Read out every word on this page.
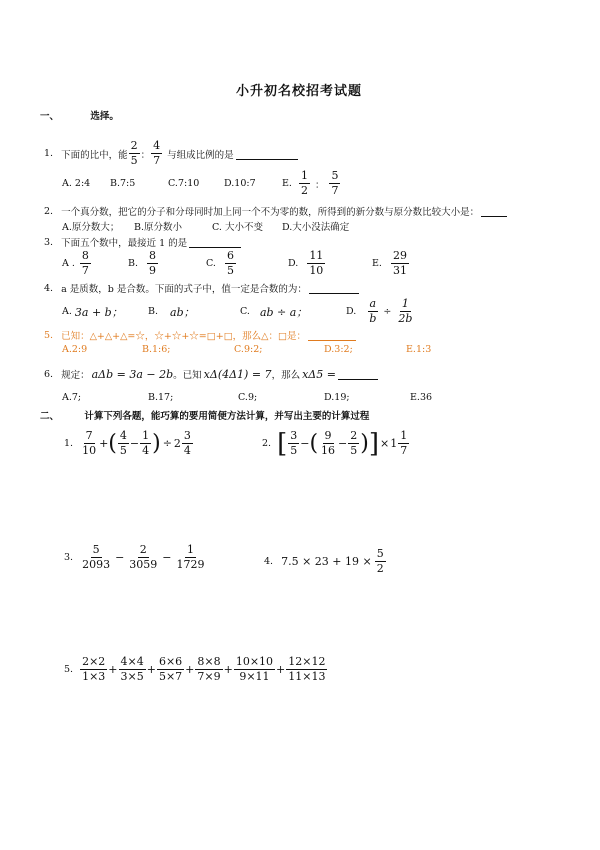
小升初名校招考试题
一、	选择。
1. 下面的比中，能 $\frac{2}{5}$ ： $\frac{4}{7}$ 与组成比例的是

A. 2:4	B.7:5	C.7:10	D.10:7	E. $\frac{1}{2}$ ： $\frac{5}{7}$
2. 一个真分数，把它的分子和分母同时加上同一个不为零的数，所得到的新分数与原分数比较大小是：

A.原分数大；	B.原分数小	C. 大小不变	D.大小没法确定
3. 下面五个数中，最接近 1 的是

A . $\frac{8}{7}$	B. $\frac{8}{9}$	C. $\frac{6}{5}$	D. $\frac{11}{10}$	E. $\frac{29}{31}$
4. a 是质数，b 是合数。下面的式子中，值一定是合数的为：

A. 3a + b；	B. ab；	C. ab ÷ a；	D. $\frac{a}{b} \div \frac{1}{2b}$
5. 已知：△+△+△=☆，☆+☆+☆=□+□，那么△：□是：

A.2:9	B.1:6;	C.9:2;	D.3:2;	E.1:3
6. 规定： aΔb = 3a − 2b 。已知 xΔ(4Δ1) = 7 ，那么 xΔ5 =

A.7;	B.17;	C.9;	D.19;	E.36
二、	计算下列各题，能巧算的要用简便方法计算，并写出主要的计算过程
1. $\frac{7}{10}$ + ( $\frac{4}{5} - \frac{1}{4}$ ) ÷ $2 \frac{3}{4}$	2. [ $\frac{3}{5}$ − ( $\frac{9}{16} - \frac{2}{5}$ ) ] × $1 \frac{1}{7}$
3. $\frac{5}{2093} - \frac{2}{3059} - \frac{1}{1729}$	4. $7.5 \times 23 + 19 \times \frac{5}{2}$
5. $\frac{2\times 2}{1\times 3} + \frac{4\times 4}{3\times 5} + \frac{6\times 6}{5\times 7} + \frac{8\times 8}{7\times 9} + \frac{10\times 10}{9\times 11} + \frac{12\times 12}{11\times 13}$
